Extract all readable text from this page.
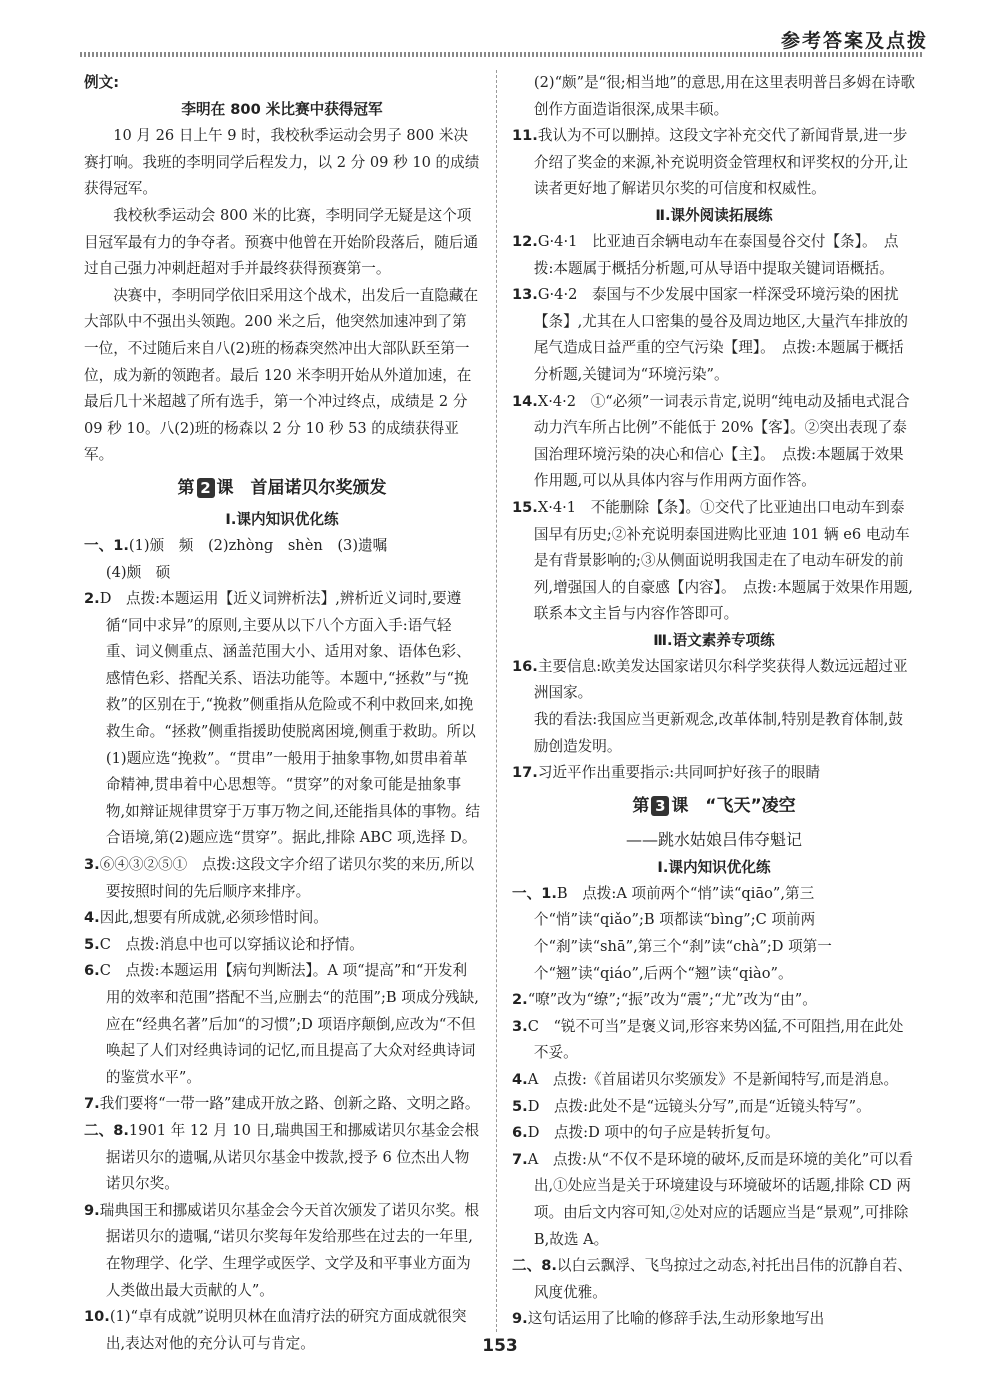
参考答案及点拨

例文:

李明在 800 米比赛中获得冠军

10 月 26 日上午 9 时，我校秋季运动会男子 800 米决赛打响。我班的李明同学后程发力，以 2 分 09 秒 10 的成绩获得冠军。

我校秋季运动会 800 米的比赛，李明同学无疑是这个项目冠军最有力的争夺者。预赛中他曾在开始阶段落后，随后通过自己强力冲刺赶超对手并最终获得预赛第一。

决赛中，李明同学依旧采用这个战术，出发后一直隐藏在大部队中不强出头领跑。200 米之后，他突然加速冲到了第一位，不过随后来自八(2)班的杨森突然冲出大部队跃至第一位，成为新的领跑者。最后 120 米李明开始从外道加速，在最后几十米超越了所有选手，第一个冲过终点，成绩是 2 分 09 秒 10。八(2)班的杨森以 2 分 10 秒 53 的成绩获得亚军。

第 2 课　首届诺贝尔奖颁发
Ⅰ.课内知识优化练

一、1.(1)颁　频　(2)zhònɡ　shèn　(3)遗嘱

(4)颇　硕

2.D　点拨:本题运用【近义词辨析法】,辨析近义词时,要遵循“同中求异”的原则,主要从以下八个方面入手:语气轻重、词义侧重点、涵盖范围大小、适用对象、语体色彩、感情色彩、搭配关系、语法功能等。本题中,“拯救”与“挽救”的区别在于,“挽救”侧重指从危险或不利中救回来,如挽救生命。“拯救”侧重指援助使脱离困境,侧重于救助。所以(1)题应选“挽救”。“贯串”一般用于抽象事物,如贯串着革命精神,贯串着中心思想等。“贯穿”的对象可能是抽象事物,如辩证规律贯穿于万事万物之间,还能指具体的事物。结合语境,第(2)题应选“贯穿”。据此,排除 ABC 项,选择 D。

3.⑥④③②⑤①　点拨:这段文字介绍了诺贝尔奖的来历,所以要按照时间的先后顺序来排序。

4.因此,想要有所成就,必须珍惜时间。

5.C　点拨:消息中也可以穿插议论和抒情。

6.C　点拨:本题运用【病句判断法】。A 项“提高”和“开发利用的效率和范围”搭配不当,应删去“的范围”;B 项成分残缺,应在“经典名著”后加“的习惯”;D 项语序颠倒,应改为“不但唤起了人们对经典诗词的记忆,而且提高了大众对经典诗词的鉴赏水平”。

7.我们要将“一带一路”建成开放之路、创新之路、文明之路。

二、8.1901 年 12 月 10 日,瑞典国王和挪威诺贝尔基金会根据诺贝尔的遗嘱,从诺贝尔基金中拨款,授予 6 位杰出人物诺贝尔奖。

9.瑞典国王和挪威诺贝尔基金会今天首次颁发了诺贝尔奖。根据诺贝尔的遗嘱,“诺贝尔奖每年发给那些在过去的一年里,在物理学、化学、生理学或医学、文学及和平事业方面为人类做出最大贡献的人”。

10.(1)“卓有成就”说明贝林在血清疗法的研究方面成就很突出,表达对他的充分认可与肯定。

(2)“颇”是“很;相当地”的意思,用在这里表明普吕多姆在诗歌创作方面造诣很深,成果丰硕。

11.我认为不可以删掉。这段文字补充交代了新闻背景,进一步介绍了奖金的来源,补充说明资金管理权和评奖权的分开,让读者更好地了解诺贝尔奖的可信度和权威性。

Ⅱ.课外阅读拓展练

12.G·4·1　比亚迪百余辆电动车在泰国曼谷交付【条】。　点拨:本题属于概括分析题,可从导语中提取关键词语概括。

13.G·4·2　泰国与不少发展中国家一样深受环境污染的困扰【条】,尤其在人口密集的曼谷及周边地区,大量汽车排放的尾气造成日益严重的空气污染【理】。　点拨:本题属于概括分析题,关键词为“环境污染”。

14.X·4·2　①“必须”一词表示肯定,说明“纯电动及插电式混合动力汽车所占比例”不能低于 20%【客】。②突出表现了泰国治理环境污染的决心和信心【主】。　点拨:本题属于效果作用题,可以从具体内容与作用两方面作答。

15.X·4·1　不能删除【条】。①交代了比亚迪出口电动车到泰国早有历史;②补充说明泰国进购比亚迪 101 辆 e6 电动车是有背景影响的;③从侧面说明我国走在了电动车研发的前列,增强国人的自豪感【内容】。　点拨:本题属于效果作用题,联系本文主旨与内容作答即可。

Ⅲ.语文素养专项练

16.主要信息:欧美发达国家诺贝尔科学奖获得人数远远超过亚洲国家。

我的看法:我国应当更新观念,改革体制,特别是教育体制,鼓励创造发明。

17.习近平作出重要指示:共同呵护好孩子的眼睛

第 3 课　“飞天”凌空
——跳水姑娘吕伟夺魁记
Ⅰ.课内知识优化练

一、1.B　点拨:A 项前两个“悄”读“qiāo”,第三个“悄”读“qiǎo”;B 项都读“bìnɡ”;C 项前两个“刹”读“shā”,第三个“刹”读“chà”;D 项第一个“翘”读“qiáo”,后两个“翘”读“qiào”。

2.“嘹”改为“缭”;“振”改为“震”;“尤”改为“由”。

3.C　“锐不可当”是褒义词,形容来势凶猛,不可阻挡,用在此处不妥。

4.A　点拨:《首届诺贝尔奖颁发》不是新闻特写,而是消息。

5.D　点拨:此处不是“远镜头分写”,而是“近镜头特写”。

6.D　点拨:D 项中的句子应是转折复句。

7.A　点拨:从“不仅不是环境的破坏,反而是环境的美化”可以看出,①处应当是关于环境建设与环境破坏的话题,排除 CD 两项。由后文内容可知,②处对应的话题应当是“景观”,可排除 B,故选 A。

二、8.以白云飘浮、飞鸟掠过之动态,衬托出吕伟的沉静自若、风度优雅。

9.这句话运用了比喻的修辞手法,生动形象地写出

153
